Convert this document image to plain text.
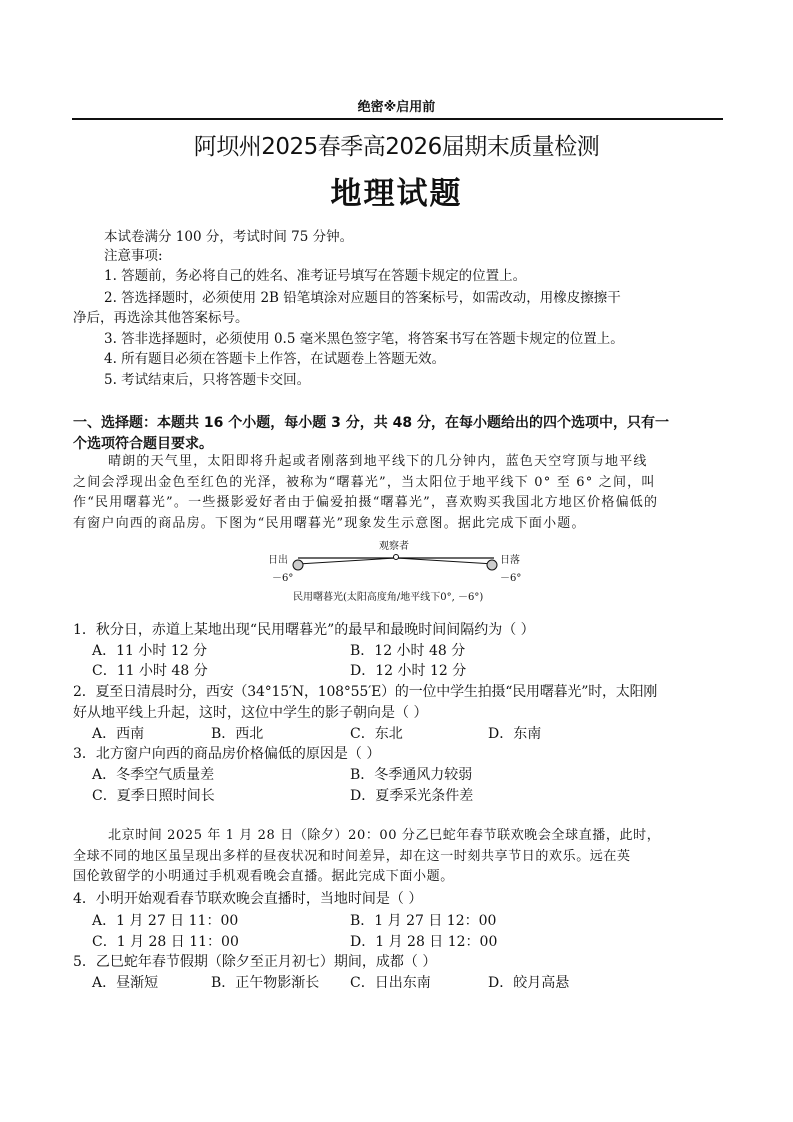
绝密※启用前
阿坝州2025春季高2026届期末质量检测
地理试题
本试卷满分 100 分，考试时间 75 分钟。
注意事项:
1. 答题前，务必将自己的姓名、准考证号填写在答题卡规定的位置上。
2. 答选择题时，必须使用 2B 铅笔填涂对应题目的答案标号，如需改动，用橡皮擦擦干
净后，再选涂其他答案标号。
3. 答非选择题时，必须使用 0.5 毫米黑色签字笔，将答案书写在答题卡规定的位置上。
4. 所有题目必须在答题卡上作答，在试题卷上答题无效。
5. 考试结束后，只将答题卡交回。
一、选择题：本题共 16 个小题，每小题 3 分，共 48 分，在每小题给出的四个选项中，只有一
个选项符合题目要求。
晴朗的天气里，太阳即将升起或者刚落到地平线下的几分钟内，蓝色天空穹顶与地平线
之间会浮现出金色至红色的光泽，被称为“曙暮光”，当太阳位于地平线下 0° 至 6° 之间，叫
作“民用曙暮光”。一些摄影爱好者由于偏爱拍摄“曙暮光”，喜欢购买我国北方地区价格偏低的
有窗户向西的商品房。下图为“民用曙暮光”现象发生示意图。据此完成下面小题。
观察者
日出	日落
－6°	－6°
民用曙暮光(太阳高度角/地平线下0°, －6°)
1．秋分日，赤道上某地出现“民用曙暮光”的最早和最晚时间间隔约为（ ）
A．11 小时 12 分	B．12 小时 48 分
C．11 小时 48 分	D．12 小时 12 分
2．夏至日清晨时分，西安（34°15′N，108°55′E）的一位中学生拍摄“民用曙暮光”时，太阳刚
好从地平线上升起，这时，这位中学生的影子朝向是（ ）
A．西南	B．西北	C．东北	D．东南
3．北方窗户向西的商品房价格偏低的原因是（ ）
A．冬季空气质量差	B．冬季通风力较弱
C．夏季日照时间长	D．夏季采光条件差
北京时间 2025 年 1 月 28 日（除夕）20：00 分乙巳蛇年春节联欢晚会全球直播，此时，
全球不同的地区虽呈现出多样的昼夜状况和时间差异，却在这一时刻共享节日的欢乐。远在英
国伦敦留学的小明通过手机观看晚会直播。据此完成下面小题。
4．小明开始观看春节联欢晚会直播时，当地时间是（ ）
A．1 月 27 日 11：00	B．1 月 27 日 12：00
C．1 月 28 日 11：00	D．1 月 28 日 12：00
5．乙巳蛇年春节假期（除夕至正月初七）期间，成都（ ）
A．昼渐短	B．正午物影渐长 C．日出东南	D．皎月高悬
